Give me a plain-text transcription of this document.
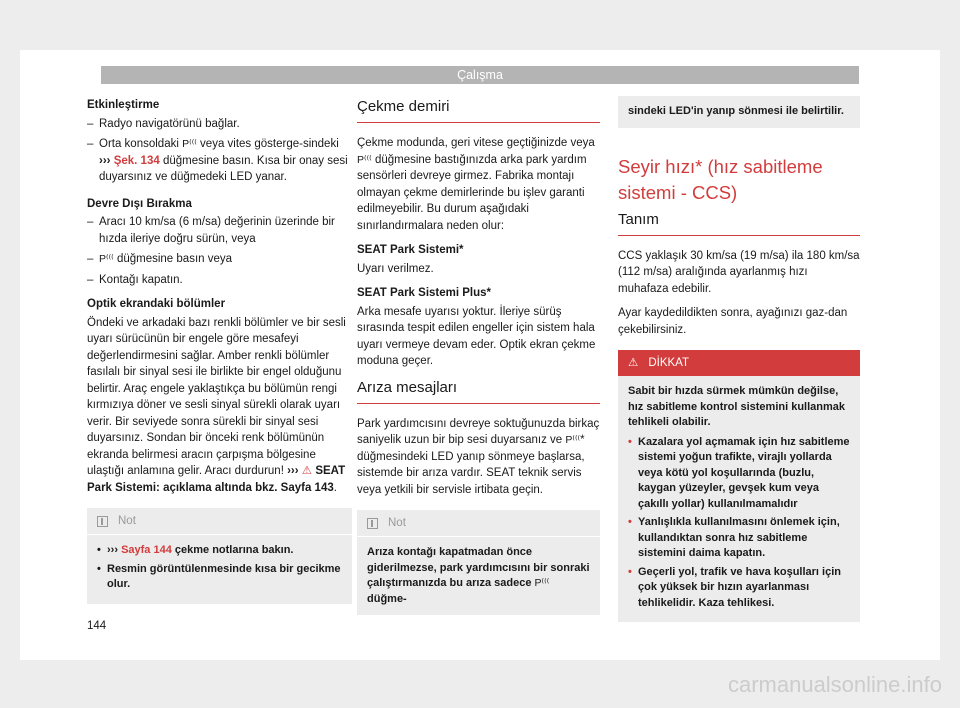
Çalışma

Etkinleştirme

– Radyo navigatörünü bağlar.

– Orta konsoldaki P⁽⁽⁽ veya vites gösterge-sindeki ››› Şek. 134 düğmesine basın. Kısa bir onay sesi duyarsınız ve düğmedeki LED yanar.

Devre Dışı Bırakma

– Aracı 10 km/sa (6 m/sa) değerinin üzerinde bir hızda ileriye doğru sürün, veya

– P⁽⁽⁽ düğmesine basın veya

– Kontağı kapatın.

Optik ekrandaki bölümler

Öndeki ve arkadaki bazı renkli bölümler ve bir sesli uyarı sürücünün bir engele göre mesafeyi değerlendirmesini sağlar. Amber renkli bölümler fasılalı bir sinyal sesi ile birlikte bir engel olduğunu belirtir. Araç engele yaklaştıkça bu bölümün rengi kırmızıya döner ve sesli sinyal sürekli olarak uyarı verir. Bir seviyede sonra sürekli bir sinyal sesi duyarsınız. Sondan bir önceki renk bölümünün ekranda belirmesi aracın çarpışma bölgesine ulaştığı anlamına gelir. Aracı durdurun! ››› ⚠ SEAT Park Sistemi: açıklama altında bkz. Sayfa 143.

Not
• ››› Sayfa 144 çekme notlarına bakın.
• Resmin görüntülenmesinde kısa bir gecikme olur.
Çekme demiri

Çekme modunda, geri vitese geçtiğinizde veya P⁽⁽⁽ düğmesine bastığınızda arka park yardım sensörleri devreye girmez. Fabrika montajı olmayan çekme demirlerinde bu işlev garanti edilmeyebilir. Bu durum aşağıdaki sınırlandırmalara neden olur:

SEAT Park Sistemi*

Uyarı verilmez.

SEAT Park Sistemi Plus*

Arka mesafe uyarısı yoktur. İleriye sürüş sırasında tespit edilen engeller için sistem hala uyarı vermeye devam eder. Optik ekran çekme moduna geçer.

Arıza mesajları

Park yardımcısını devreye soktuğunuzda birkaç saniyelik uzun bir bip sesi duyarsanız ve P⁽⁽⁽* düğmesindeki LED yanıp sönmeye başlarsa, sistemde bir arıza vardır. SEAT teknik servis veya yetkili bir servisle irtibata geçin.

Not
Arıza kontağı kapatmadan önce giderilmezse, park yardımcısını bir sonraki çalıştırmanızda bu arıza sadece P⁽⁽⁽ düğme-
sindeki LED'in yanıp sönmesi ile belirtilir.
Seyir hızı* (hız sabitleme sistemi - CCS)
Tanım

CCS yaklaşık 30 km/sa (19 m/sa) ila 180 km/sa (112 m/sa) aralığında ayarlanmış hızı muhafaza edebilir.

Ayar kaydedildikten sonra, ayağınızı gaz-dan çekebilirsiniz.

⚠ DİKKAT

Sabit bir hızda sürmek mümkün değilse, hız sabitleme kontrol sistemini kullanmak tehlikeli olabilir.

• Kazalara yol açmamak için hız sabitleme sistemi yoğun trafikte, virajlı yollarda veya kötü yol koşullarında (buzlu, kaygan yüzeyler, gevşek kum veya çakıllı yollar) kullanılmamalıdır
• Yanlışlıkla kullanılmasını önlemek için, kullandıktan sonra hız sabitleme sistemini daima kapatın.
• Geçerli yol, trafik ve hava koşulları için çok yüksek bir hızın ayarlanması tehlikelidir. Kaza tehlikesi.
144
carmanualsonline.info
